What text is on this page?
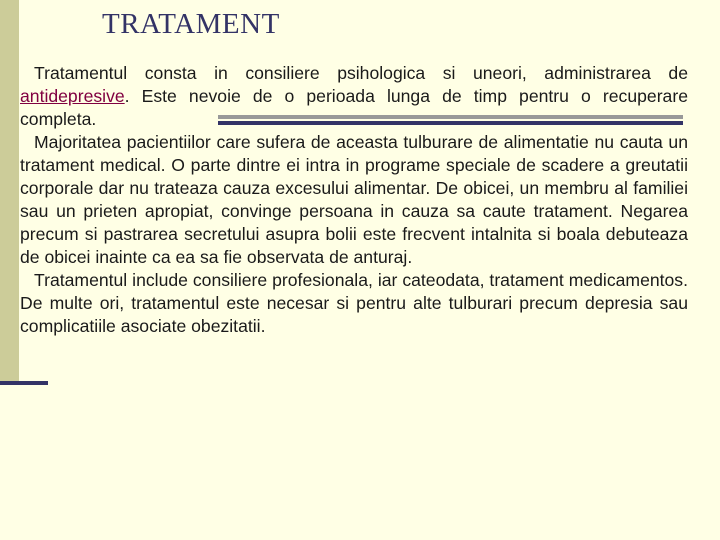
TRATAMENT

Tratamentul consta in consiliere psihologica si uneori, administrarea de antidepresive. Este nevoie de o perioada lunga de timp pentru o recuperare completa.

Majoritatea pacientiilor care sufera de aceasta tulburare de alimentatie nu cauta un tratament medical. O parte dintre ei intra in programe speciale de scadere a greutatii corporale dar nu trateaza cauza excesului alimentar. De obicei, un membru al familiei sau un prieten apropiat, convinge persoana in cauza sa caute tratament. Negarea precum si pastrarea secretului asupra bolii este frecvent intalnita si boala debuteaza de obicei inainte ca ea sa fie observata de anturaj.

Tratamentul include consiliere profesionala, iar cateodata, tratament medicamentos. De multe ori, tratamentul este necesar si pentru alte tulburari precum depresia sau complicatiile asociate obezitatii.
